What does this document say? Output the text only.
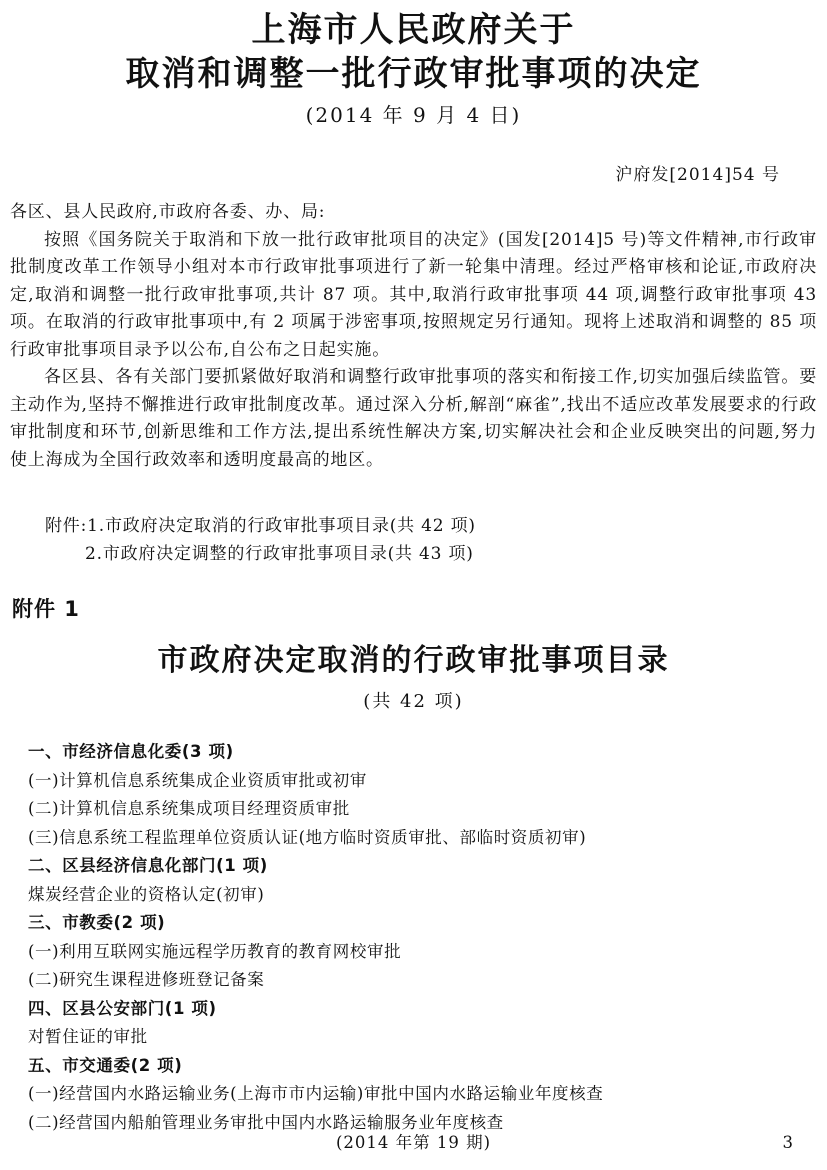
上海市人民政府关于
取消和调整一批行政审批事项的决定
(2014 年 9 月 4 日)
沪府发[2014]54 号

各区、县人民政府,市政府各委、办、局:

按照《国务院关于取消和下放一批行政审批项目的决定》(国发[2014]5 号)等文件精神,市行政审批制度改革工作领导小组对本市行政审批事项进行了新一轮集中清理。经过严格审核和论证,市政府决定,取消和调整一批行政审批事项,共计 87 项。其中,取消行政审批事项 44 项,调整行政审批事项 43 项。在取消的行政审批事项中,有 2 项属于涉密事项,按照规定另行通知。现将上述取消和调整的 85 项行政审批事项目录予以公布,自公布之日起实施。

各区县、各有关部门要抓紧做好取消和调整行政审批事项的落实和衔接工作,切实加强后续监管。要主动作为,坚持不懈推进行政审批制度改革。通过深入分析,解剖“麻雀”,找出不适应改革发展要求的行政审批制度和环节,创新思维和工作方法,提出系统性解决方案,切实解决社会和企业反映突出的问题,努力使上海成为全国行政效率和透明度最高的地区。

附件:1.市政府决定取消的行政审批事项目录(共 42 项)
2.市政府决定调整的行政审批事项目录(共 43 项)
附件 1
市政府决定取消的行政审批事项目录
(共 42 项)
一、市经济信息化委(3 项)
(一)计算机信息系统集成企业资质审批或初审
(二)计算机信息系统集成项目经理资质审批
(三)信息系统工程监理单位资质认证(地方临时资质审批、部临时资质初审)
二、区县经济信息化部门(1 项)
煤炭经营企业的资格认定(初审)
三、市教委(2 项)
(一)利用互联网实施远程学历教育的教育网校审批
(二)研究生课程进修班登记备案
四、区县公安部门(1 项)
对暂住证的审批
五、市交通委(2 项)
(一)经营国内水路运输业务(上海市市内运输)审批中国内水路运输业年度核查
(二)经营国内船舶管理业务审批中国内水路运输服务业年度核查
(2014 年第 19 期)	3
